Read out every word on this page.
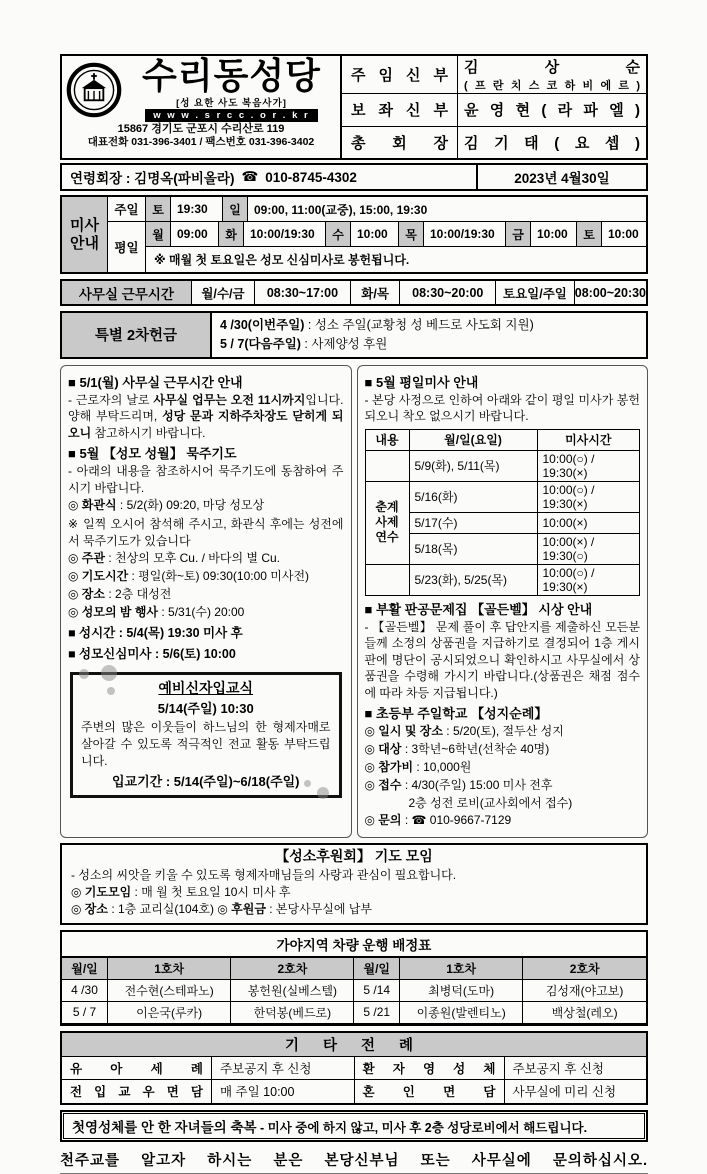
수리동성당
[성 요한 사도 복음사가]
w w w . s r c c . o r . k r
15867 경기도 군포시 수리산로 119
대표전화 031-396-3401 / 팩스번호 031-396-3402
주 임 신 부 김 상 순
( 프 란 치 스 코 하 비 에 르 )
보 좌 신 부 윤 영 현 ( 라 파 엘 )
총 회 장 김 기 태 ( 요 셉 )
연령회장 : 김명옥(파비올라) ☎ 010-8745-4302	2023년 4월30일
미사
안내
주일	토	19:30	일	09:00, 11:00(교중), 15:00, 19:30
평일
월	09:00	화	10:00/19:30	수	10:00	목	10:00/19:30	금	10:00	토	10:00
※ 매월 첫 토요일은 성모 신심미사로 봉헌됩니다.
사무실 근무시간	월/수/금	08:30~17:00	화/목	08:30~20:00	토요일/주일 08:00~20:30
특별 2차헌금
4 /30(이번주일) : 성소 주일(교황청 성 베드로 사도회 지원)
5 / 7(다음주일) : 사제양성 후원
■ 5/1(월) 사무실 근무시간 안내
- 근로자의 날로 사무실 업무는 오전 11시까지입니다. 양해 부탁드리며, 성당 문과 지하주차장도 닫히게 되오니 참고하시기 바랍니다.
■ 5월 【성모 성월】 묵주기도
- 아래의 내용을 참조하시어 묵주기도에 동참하여 주시기 바랍니다.
◎ 화관식 : 5/2(화) 09:20, 마당 성모상
※ 일찍 오시어 참석해 주시고, 화관식 후에는 성전에서 묵주기도가 있습니다
◎ 주관 : 천상의 모후 Cu. / 바다의 별 Cu.
◎ 기도시간 : 평일(화~토) 09:30(10:00 미사전)
◎ 장소 : 2층 대성전
◎ 성모의 밤 행사 : 5/31(수) 20:00
■ 성시간 : 5/4(목) 19:30 미사 후
■ 성모신심미사 : 5/6(토) 10:00
예비신자입교식
5/14(주일) 10:30
주변의 많은 이웃들이 하느님의 한 형제자매로 살아갈 수 있도록 적극적인 전교 활동 부탁드립니다.
입교기간 : 5/14(주일)~6/18(주일)
■ 5월 평일미사 안내
- 본당 사정으로 인하여 아래와 같이 평일 미사가 봉헌되오니 착오 없으시기 바랍니다.
내용	월/일(요일)	미사시간
	5/9(화), 5/11(목)	10:00(○) / 19:30(×)

춘계
사제
연수	5/16(화)	10:00(○) / 19:30(×)
	5/17(수)	10:00(×)
	5/18(목)	10:00(×) / 19:30(○)
	5/23(화), 5/25(목)	10:00(○) / 19:30(×)
■ 부활 판공문제집 【골든벨】 시상 안내
- 【골든벨】 문제 풀이 후 답안지를 제출하신 모든분들께 소정의 상품권을 지급하기로 결정되어 1층 게시판에 명단이 공시되었으니 확인하시고 사무실에서 상품권을 수령해 가시기 바랍니다.(상품권은 채점 점수에 따라 차등 지급됩니다.)
■ 초등부 주일학교 【성지순례】
◎ 일시 및 장소 : 5/20(토), 절두산 성지
◎ 대상 : 3학년~6학년(선착순 40명)
◎ 참가비 : 10,000원
◎ 접수 : 4/30(주일) 15:00 미사 전후
2층 성전 로비(교사회에서 접수)
◎ 문의 : ☎ 010-9667-7129
【성소후원회】 기도 모임
- 성소의 씨앗을 키울 수 있도록 형제자매님들의 사랑과 관심이 필요합니다.
◎ 기도모임 : 매 월 첫 토요일 10시 미사 후
◎ 장소 : 1층 교리실(104호) ◎ 후원금 : 본당사무실에 납부
가야지역 차량 운행 배정표
월/일	1호차	2호차	월/일	1호차	2호차
4 /30	전수현(스테파노)	봉헌원(실베스텔)	5 /14	최병덕(도마)	김성재(야고보)
5 / 7	이은국(루카)	한덕봉(베드로)	5 /21	이종원(발렌티노)	백상철(레오)
기 타 전 례
유 아 세 례	주보공지 후 신청	환 자 영 성 체	주보공지 후 신청
전 입 교 우 면 담	매 주일 10:00	혼 인 면 담	사무실에 미리 신청
첫영성체를 안 한 자녀들의 축복 - 미사 중에 하지 않고, 미사 후 2층 성당로비에서 해드립니다.
천주교를 알고자 하시는 분은 본당신부님 또는 사무실에 문의하십시오.
